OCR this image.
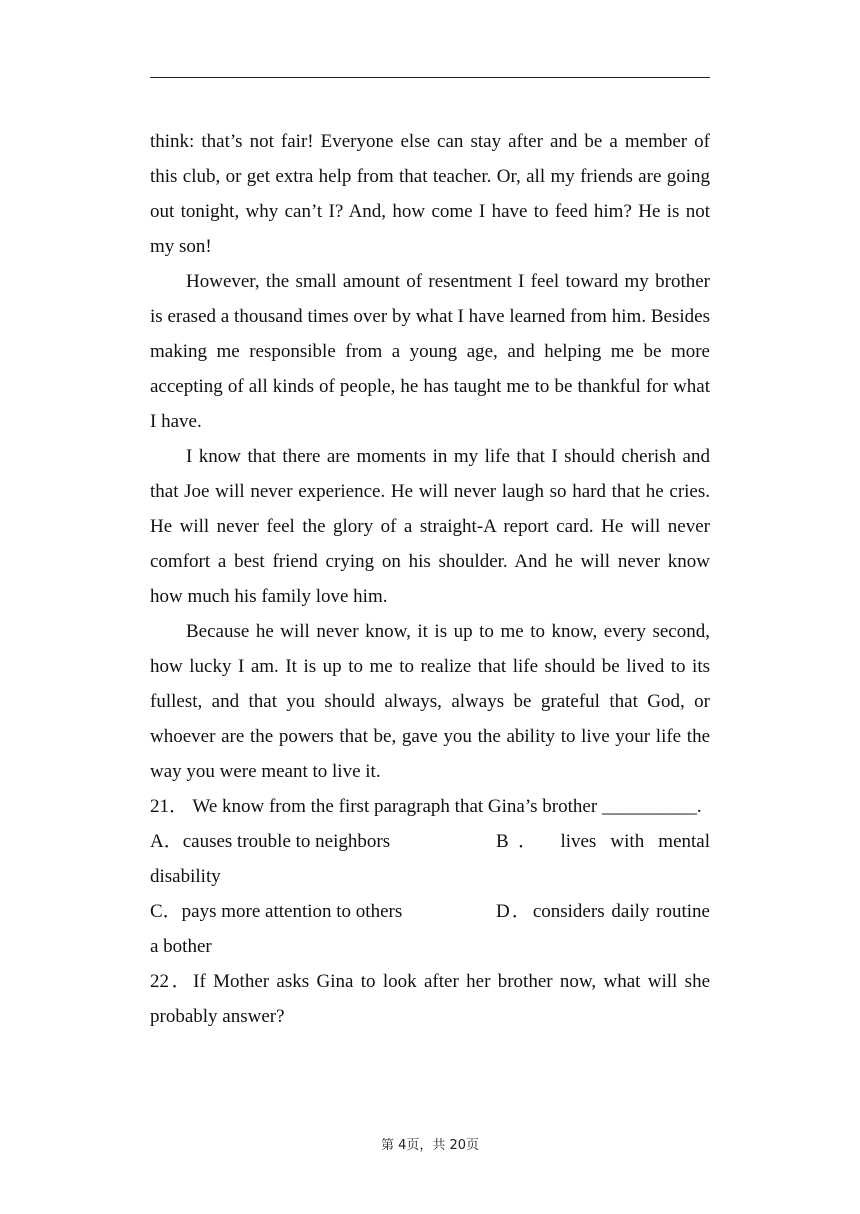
think: that’s not fair! Everyone else can stay after and be a member of this club, or get extra help from that teacher. Or, all my friends are going out tonight, why can’t I? And, how come I have to feed him? He is not my son!

However, the small amount of resentment I feel toward my brother is erased a thousand times over by what I have learned from him. Besides making me responsible from a young age, and helping me be more accepting of all kinds of people, he has taught me to be thankful for what I have.

I know that there are moments in my life that I should cherish and that Joe will never experience. He will never laugh so hard that he cries. He will never feel the glory of a straight-A report card. He will never comfort a best friend crying on his shoulder. And he will never know how much his family love him.

Because he will never know, it is up to me to know, every second, how lucky I am. It is up to me to realize that life should be lived to its fullest, and that you should always, always be grateful that God, or whoever are the powers that be, gave you the ability to live your life the way you were meant to live it.

21． We know from the first paragraph that Gina’s brother __________.

A．causes trouble to neighbors	B． lives with mental
disability
C．pays more attention to others	D．considers daily routine
a bother

22．If Mother asks Gina to look after her brother now, what will she probably answer?

第 4页，共 20页
